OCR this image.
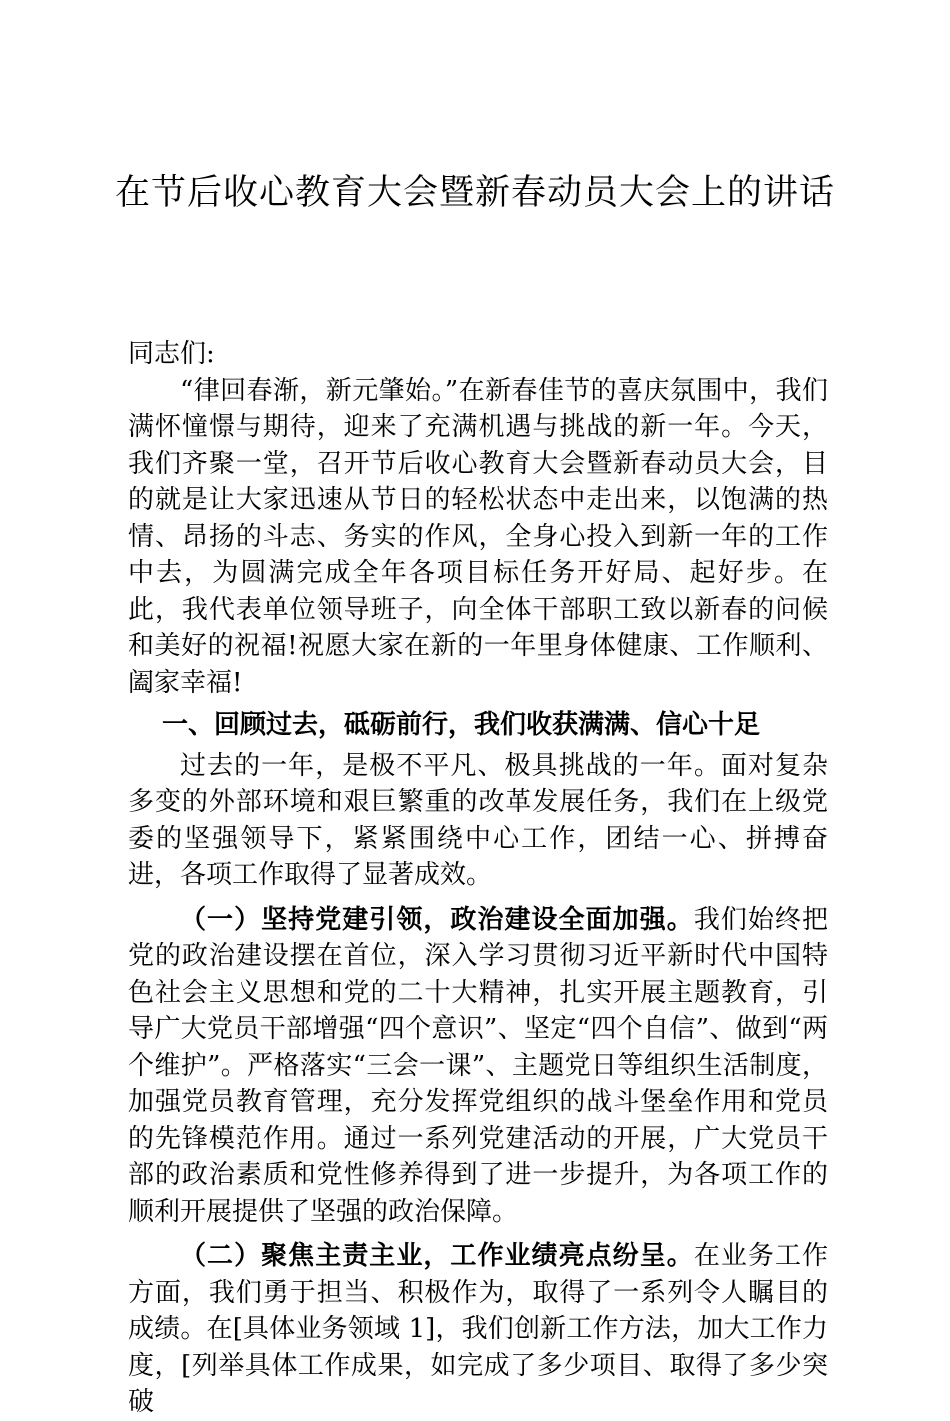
在节后收心教育大会暨新春动员大会上的讲话

同志们:

“律回春渐，新元肇始。”在新春佳节的喜庆氛围中，我们满怀憧憬与期待，迎来了充满机遇与挑战的新一年。今天，我们齐聚一堂，召开节后收心教育大会暨新春动员大会，目的就是让大家迅速从节日的轻松状态中走出来，以饱满的热情、昂扬的斗志、务实的作风，全身心投入到新一年的工作中去，为圆满完成全年各项目标任务开好局、起好步。在此，我代表单位领导班子，向全体干部职工致以新春的问候和美好的祝福!祝愿大家在新的一年里身体健康、工作顺利、阖家幸福!

一、回顾过去，砥砺前行，我们收获满满、信心十足

过去的一年，是极不平凡、极具挑战的一年。面对复杂多变的外部环境和艰巨繁重的改革发展任务，我们在上级党委的坚强领导下，紧紧围绕中心工作，团结一心、拼搏奋进，各项工作取得了显著成效。

（一）坚持党建引领，政治建设全面加强。我们始终把党的政治建设摆在首位，深入学习贯彻习近平新时代中国特色社会主义思想和党的二十大精神，扎实开展主题教育，引导广大党员干部增强“四个意识”、坚定“四个自信”、做到“两个维护”。严格落实“三会一课”、主题党日等组织生活制度，加强党员教育管理，充分发挥党组织的战斗堡垒作用和党员的先锋模范作用。通过一系列党建活动的开展，广大党员干部的政治素质和党性修养得到了进一步提升，为各项工作的顺利开展提供了坚强的政治保障。

（二）聚焦主责主业，工作业绩亮点纷呈。在业务工作方面，我们勇于担当、积极作为，取得了一系列令人瞩目的成绩。在[具体业务领域 1]，我们创新工作方法，加大工作力度，[列举具体工作成果，如完成了多少项目、取得了多少突破
